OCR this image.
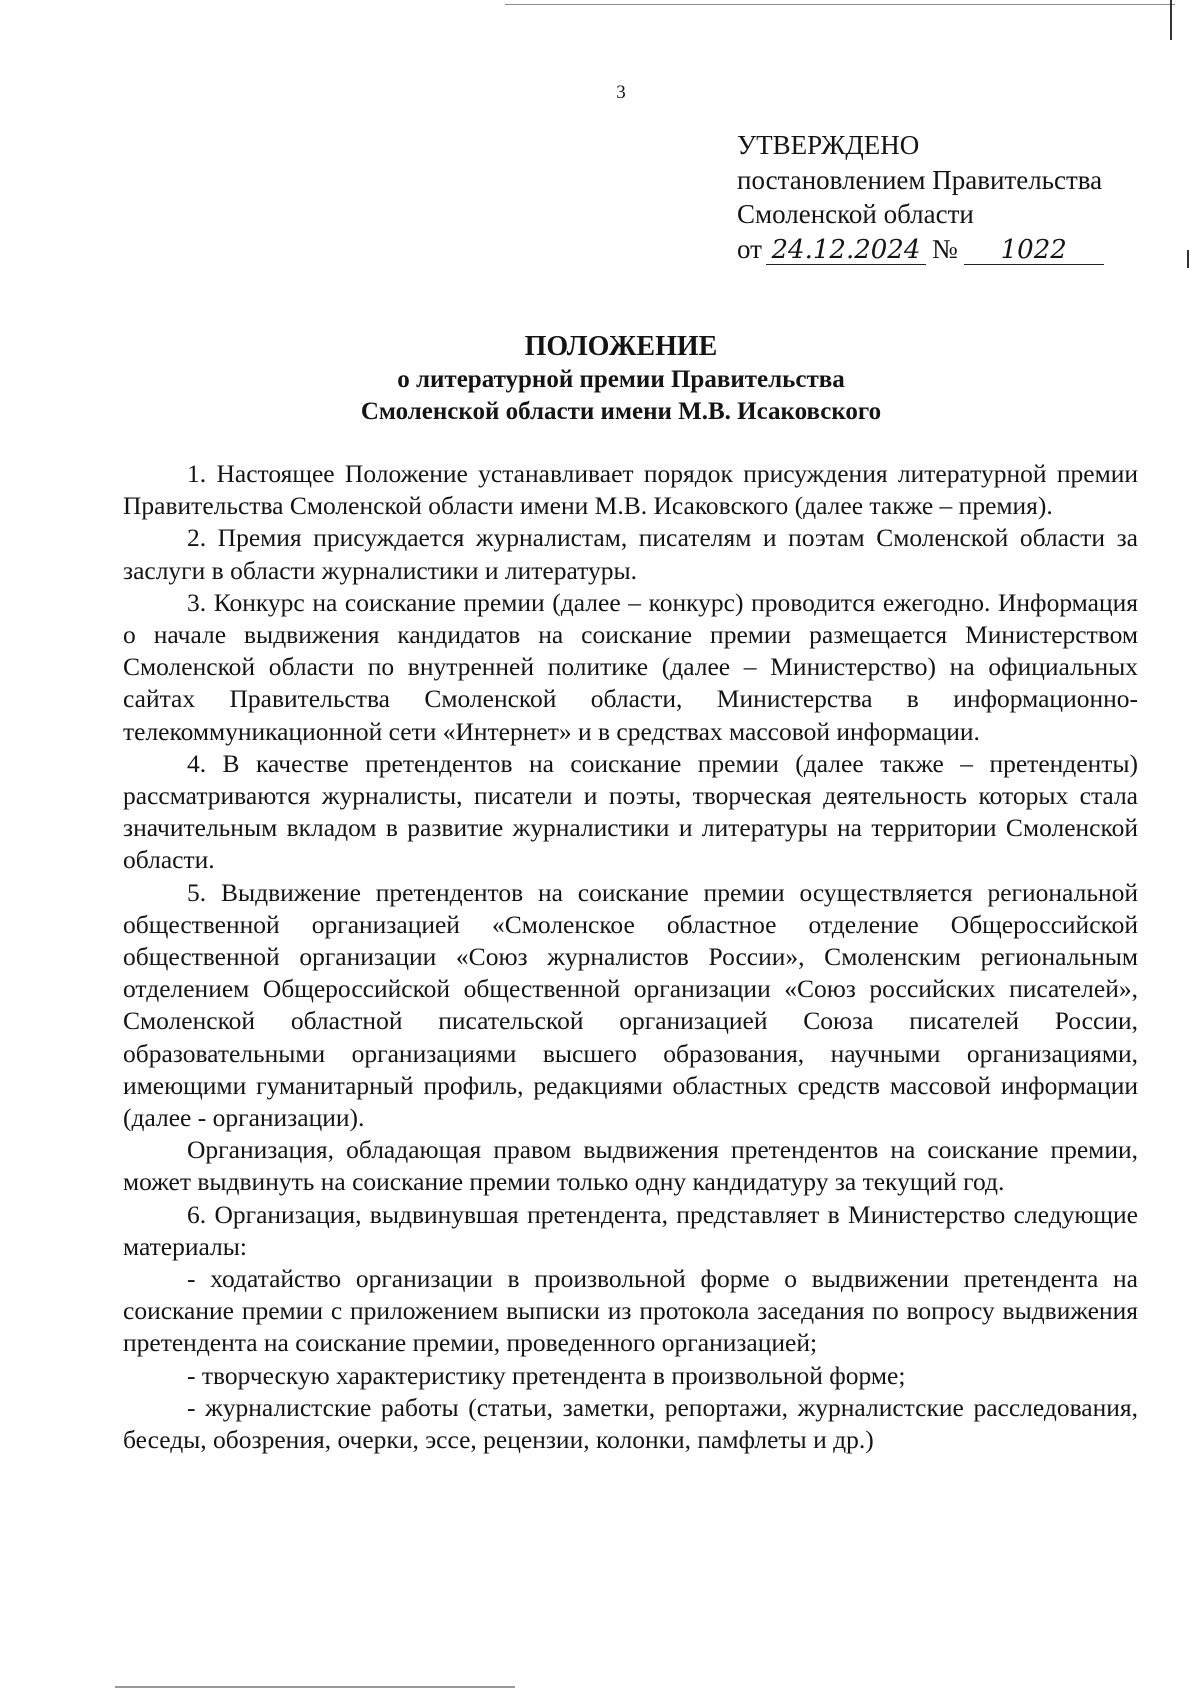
3
УТВЕРЖДЕНО
постановлением Правительства
Смоленской области
от 24.12.2024 № 1022
ПОЛОЖЕНИЕ
о литературной премии Правительства
Смоленской области имени М.В. Исаковского

1. Настоящее Положение устанавливает порядок присуждения литературной премии Правительства Смоленской области имени М.В. Исаковского (далее также – премия).

2. Премия присуждается журналистам, писателям и поэтам Смоленской области за заслуги в области журналистики и литературы.

3. Конкурс на соискание премии (далее – конкурс) проводится ежегодно. Информация о начале выдвижения кандидатов на соискание премии размещается Министерством Смоленской области по внутренней политике (далее – Министерство) на официальных сайтах Правительства Смоленской области, Министерства в информационно-телекоммуникационной сети «Интернет» и в средствах массовой информации.

4. В качестве претендентов на соискание премии (далее также – претенденты) рассматриваются журналисты, писатели и поэты, творческая деятельность которых стала значительным вкладом в развитие журналистики и литературы на территории Смоленской области.

5. Выдвижение претендентов на соискание премии осуществляется региональной общественной организацией «Смоленское областное отделение Общероссийской общественной организации «Союз журналистов России», Смоленским региональным отделением Общероссийской общественной организации «Союз российских писателей», Смоленской областной писательской организацией Союза писателей России, образовательными организациями высшего образования, научными организациями, имеющими гуманитарный профиль, редакциями областных средств массовой информации (далее - организации).

Организация, обладающая правом выдвижения претендентов на соискание премии, может выдвинуть на соискание премии только одну кандидатуру за текущий год.

6. Организация, выдвинувшая претендента, представляет в Министерство следующие материалы:

- ходатайство организации в произвольной форме о выдвижении претендента на соискание премии с приложением выписки из протокола заседания по вопросу выдвижения претендента на соискание премии, проведенного организацией;

- творческую характеристику претендента в произвольной форме;

- журналистские работы (статьи, заметки, репортажи, журналистские расследования, беседы, обозрения, очерки, эссе, рецензии, колонки, памфлеты и др.)
